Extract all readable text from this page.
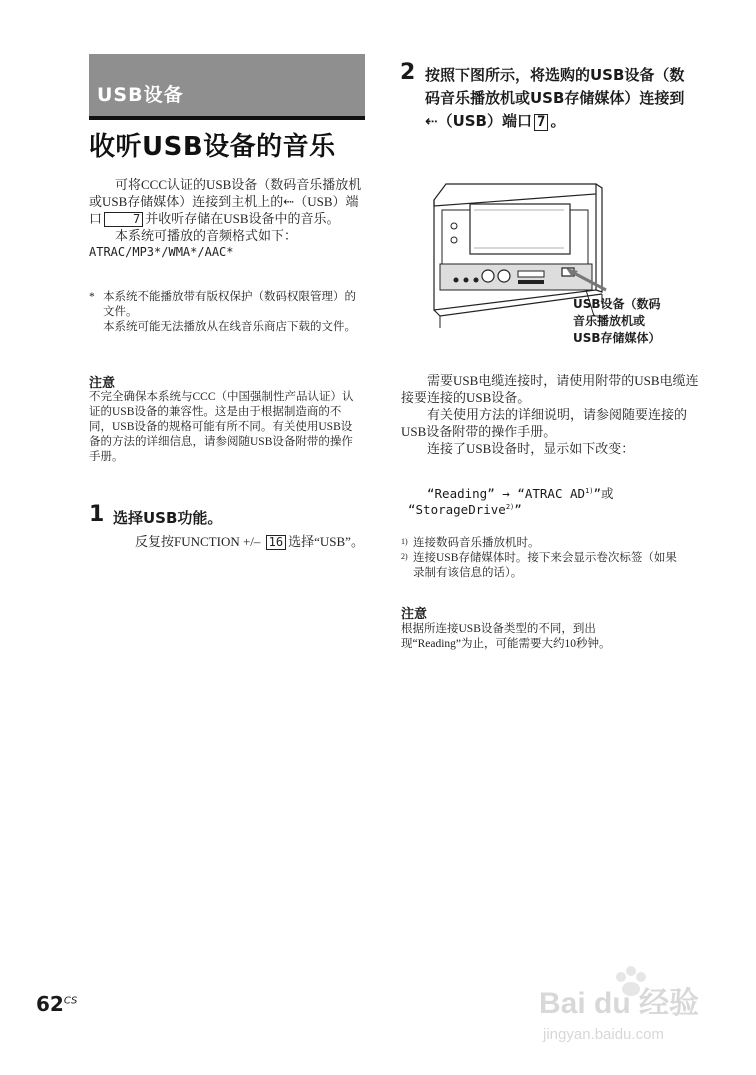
USB设备
收听USB设备的音乐

可将CCC认证的USB设备（数码音乐播放机或USB存储媒体）连接到主机上的⇠（USB）端口	7 并收听存储在USB设备中的音乐。

本系统可播放的音频格式如下：

ATRAC/MP3*/WMA*/AAC*

* 本系统不能播放带有版权保护（数码权限管理）的文件。
本系统可能无法播放从在线音乐商店下载的文件。
注意
不完全确保本系统与CCC（中国强制性产品认证）认证的USB设备的兼容性。这是由于根据制造商的不同，USB设备的规格可能有所不同。有关使用USB设备的方法的详细信息，请参阅随USB设备附带的操作手册。
1 选择USB功能。
反复按FUNCTION +/– 16 选择“USB”。
2 按照下图所示，将选购的USB设备（数码音乐播放机或USB存储媒体）连接到⇠（USB）端口 7 。
USB设备（数码
音乐播放机或
USB存储媒体）

需要USB电缆连接时，请使用附带的USB电缆连接要连接的USB设备。

有关使用方法的详细说明，请参阅随要连接的USB设备附带的操作手册。

连接了USB设备时，显示如下改变：

“Reading” → “ATRAC AD$^{1)}$”或
“StorageDrive$^{2)}$”
1) 连接数码音乐播放机时。
2) 连接USB存储媒体时。接下来会显示卷次标签（如果录制有该信息的话）。
注意
根据所连接USB设备类型的不同，到出现“Reading”为止，可能需要大约10秒钟。
$62^{CS}$	Bai du 经验
jingyan.baidu.com
